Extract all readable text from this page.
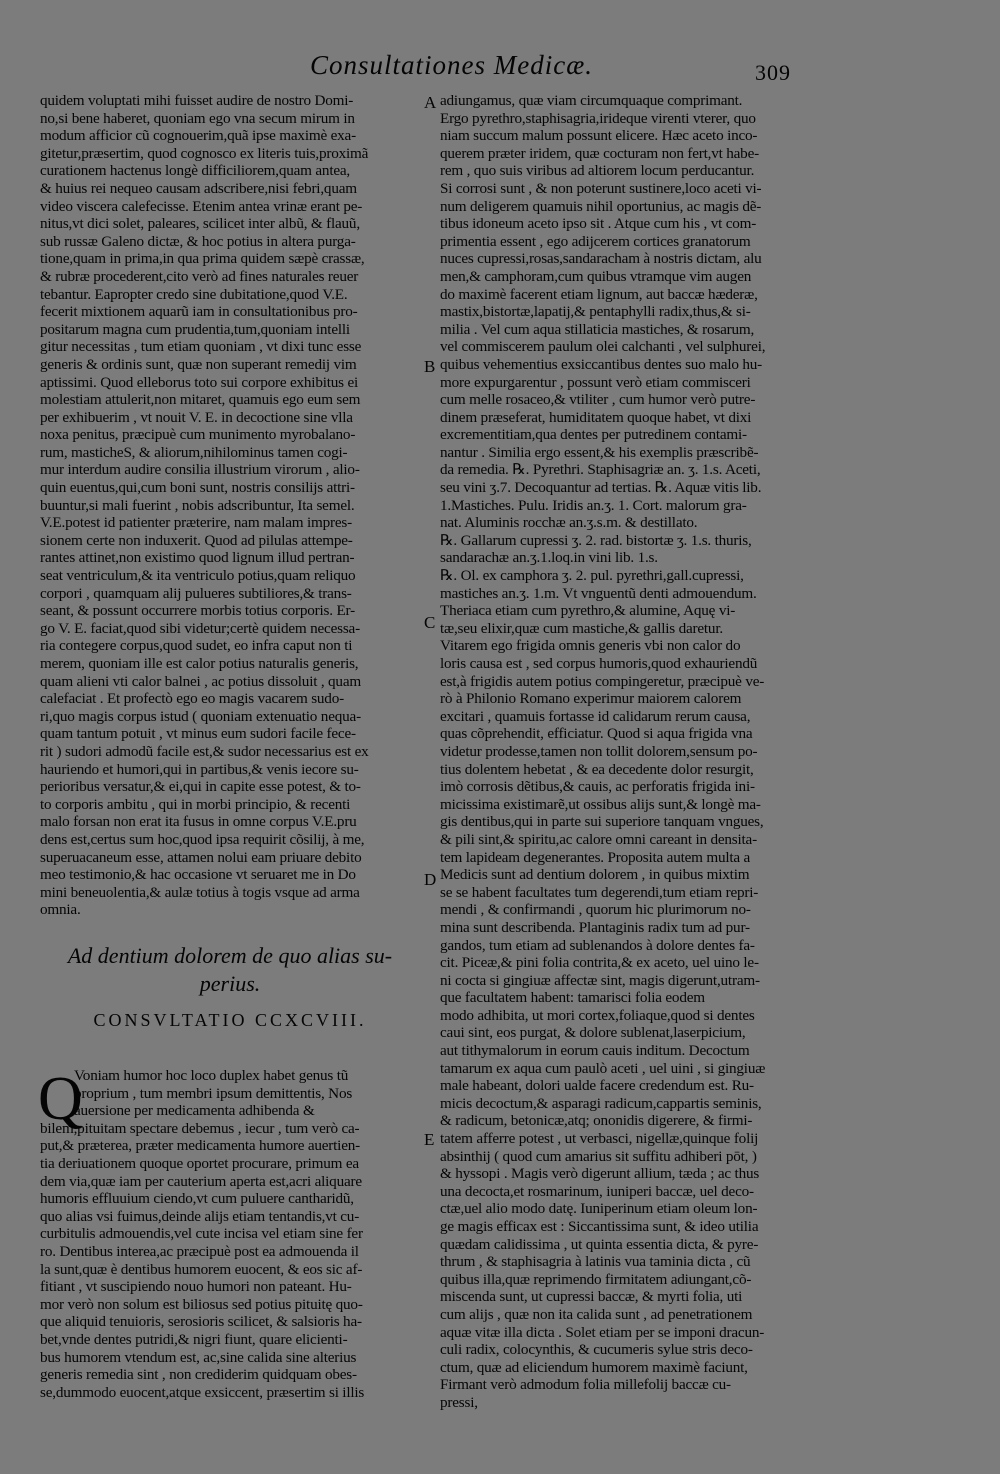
Consultationes Medicæ.	309
A
B
C
D
E
quidem voluptati mihi fuisset audire de nostro Domi-
no,si bene haberet, quoniam ego vna secum mirum in
modum afficior cũ cognouerim,quã ipse maximè exa-
gitetur,præsertim, quod cognosco ex literis tuis,proximã
curationem hactenus longè difficiliorem,quam antea,
& huius rei nequeo causam adscribere,nisi febri,quam
video viscera calefecisse. Etenim antea vrinæ erant pe-
nitus,vt dici solet, paleares, scilicet inter albũ, & flauũ,
sub russæ Galeno dictæ, & hoc potius in altera purga-
tione,quam in prima,in qua prima quidem sæpè crassæ,
& rubræ procederent,cito verò ad fines naturales reuer
tebantur. Eapropter credo sine dubitatione,quod V.E.
fecerit mixtionem aquarũ iam in consultationibus pro-
positarum magna cum prudentia,tum,quoniam intelli
gitur necessitas , tum etiam quoniam , vt dixi tunc esse
generis & ordinis sunt, quæ non superant remedij vim
aptissimi. Quod elleborus toto sui corpore exhibitus ei
molestiam attulerit,non mitaret, quamuis ego eum sem
per exhibuerim , vt nouit V. E. in decoctione sine vlla
noxa penitus, præcipuè cum munimento myrobalano-
rum, masticheS, & aliorum,nihilominus tamen cogi-
mur interdum audire consilia illustrium virorum , alio-
quin euentus,qui,cum boni sunt, nostris consilijs attri-
buuntur,si mali fuerint , nobis adscribuntur, Ita semel.
V.E.potest id patienter præterire, nam malam impres-
sionem certe non induxerit. Quod ad pilulas attempe-
rantes attinet,non existimo quod lignum illud pertran-
seat ventriculum,& ita ventriculo potius,quam reliquo
corpori , quamquam alij pulueres subtiliores,& trans-
seant, & possunt occurrere morbis totius corporis. Er-
go V. E. faciat,quod sibi videtur;certè quidem necessa-
ria contegere corpus,quod sudet, eo infra caput non ti
merem, quoniam ille est calor potius naturalis generis,
quam alieni vti calor balnei , ac potius dissoluit , quam
calefaciat . Et profectò ego eo magis vacarem sudo-
ri,quo magis corpus istud ( quoniam extenuatio nequa-
quam tantum potuit , vt minus eum sudori facile fece-
rit ) sudori admodũ facile est,& sudor necessarius est ex
hauriendo et humori,qui in partibus,& venis iecore su-
perioribus versatur,& ei,qui in capite esse potest, & to-
to corporis ambitu , qui in morbi principio, & recenti
malo forsan non erat ita fusus in omne corpus V.E.pru
dens est,certus sum hoc,quod ipsa requirit cõsilij, à me,
superuacaneum esse, attamen nolui eam priuare debito
meo testimonio,& hac occasione vt seruaret me in Do
mini beneuolentia,& aulæ totius à togis vsque ad arma
omnia.
Ad dentium dolorem de quo alias su-
perius.
CONSVLTATIO CCXCVIII.
Q
Voniam humor hoc loco duplex habet genus tũ
proprium , tum membri ipsum demittentis, Nos
auersione per medicamenta adhibenda &
bilem,pituitam spectare debemus , iecur , tum verò ca-
put,& præterea, præter medicamenta humore auertien-
tia deriuationem quoque oportet procurare, primum ea
dem via,quæ iam per cauterium aperta est,acri aliquare
humoris effluuium ciendo,vt cum puluere cantharidũ,
quo alias vsi fuimus,deinde alijs etiam tentandis,vt cu-
curbitulis admouendis,vel cute incisa vel etiam sine fer
ro. Dentibus interea,ac præcipuè post ea admouenda il
la sunt,quæ è dentibus humorem euocent, & eos sic af-
fitiant , vt suscipiendo nouo humori non pateant. Hu-
mor verò non solum est biliosus sed potius pituitę quo-
que aliquid tenuioris, serosioris scilicet, & salsioris ha-
bet,vnde dentes putridi,& nigri fiunt, quare elicienti-
bus humorem vtendum est, ac,sine calida sine alterius
generis remedia sint , non crediderim quidquam obes-
se,dummodo euocent,atque exsiccent, præsertim si illis
adiungamus, quæ viam circumquaque comprimant.
Ergo pyrethro,staphisagria,irideque virenti vterer, quo
niam succum malum possunt elicere. Hæc aceto inco-
querem præter iridem, quæ cocturam non fert,vt habe-
rem , quo suis viribus ad altiorem locum perducantur.
Si corrosi sunt , & non poterunt sustinere,loco aceti vi-
num deligerem quamuis nihil oportunius, ac magis dẽ-
tibus idoneum aceto ipso sit . Atque cum his , vt com-
primentia essent , ego adijcerem cortices granatorum
nuces cupressi,rosas,sandaracham à nostris dictam, alu
men,& camphoram,cum quibus vtramque vim augen
do maximè facerent etiam lignum, aut baccæ hæderæ,
mastix,bistortæ,lapatij,& pentaphylli radix,thus,& si-
milia . Vel cum aqua stillaticia mastiches, & rosarum,
vel commiscerem paulum olei calchanti , vel sulphurei,
quibus vehementius exsiccantibus dentes suo malo hu-
more expurgarentur , possunt verò etiam commisceri
cum melle rosaceo,& vtiliter , cum humor verò putre-
dinem præseferat, humiditatem quoque habet, vt dixi
excrementitiam,qua dentes per putredinem contami-
nantur . Similia ergo essent,& his exemplis præscribẽ-
da remedia. ℞. Pyrethri. Staphisagriæ an. ʒ. 1.s. Aceti,
seu vini ʒ.7. Decoquantur ad tertias. ℞. Aquæ vitis lib.
1.Mastiches. Pulu. Iridis an.ʒ. 1. Cort. malorum gra-
nat. Aluminis rocchæ an.ʒ.s.m. & destillato.
℞. Gallarum cupressi ʒ. 2. rad. bistortæ ʒ. 1.s. thuris,
sandarachæ an.ʒ.1.loq.in vini lib. 1.s.
℞. Ol. ex camphora ʒ. 2. pul. pyrethri,gall.cupressi,
mastiches an.ʒ. 1.m. Vt vnguentũ denti admouendum.
Theriaca etiam cum pyrethro,& alumine, Aquę vi-
tæ,seu elixir,quæ cum mastiche,& gallis daretur.
Vitarem ego frigida omnis generis vbi non calor do
loris causa est , sed corpus humoris,quod exhauriendũ
est,à frigidis autem potius compingeretur, præcipuè ve-
rò à Philonio Romano experimur maiorem calorem
excitari , quamuis fortasse id calidarum rerum causa,
quas cõprehendit, efficiatur. Quod si aqua frigida vna
videtur prodesse,tamen non tollit dolorem,sensum po-
tius dolentem hebetat , & ea decedente dolor resurgit,
imò corrosis dẽtibus,& cauis, ac perforatis frigida ini-
micissima existimarẽ,ut ossibus alijs sunt,& longè ma-
gis dentibus,qui in parte sui superiore tanquam vngues,
& pili sint,& spiritu,ac calore omni careant in densita-
tem lapideam degenerantes. Proposita autem multa a
Medicis sunt ad dentium dolorem , in quibus mixtim
se se habent facultates tum degerendi,tum etiam repri-
mendi , & confirmandi , quorum hic plurimorum no-
mina sunt describenda. Plantaginis radix tum ad pur-
gandos, tum etiam ad sublenandos à dolore dentes fa-
cit. Piceæ,& pini folia contrita,& ex aceto, uel uino le-
ni cocta si gingiuæ affectæ sint, magis digerunt,utram-
que facultatem habent: tamarisci folia eodem
modo adhibita, ut mori cortex,foliaque,quod si dentes
caui sint, eos purgat, & dolore sublenat,laserpicium,
aut tithymalorum in eorum cauis inditum. Decoctum
tamarum ex aqua cum paulò aceti , uel uini , si gingiuæ
male habeant, dolori ualde facere credendum est. Ru-
micis decoctum,& asparagi radicum,cappartis seminis,
& radicum, betonicæ,atq; ononidis digerere, & firmi-
tatem afferre potest , ut verbasci, nigellæ,quinque folij
absinthij ( quod cum amarius sit suffitu adhiberi pōt, )
& hyssopi . Magis verò digerunt allium, tæda ; ac thus
una decocta,et rosmarinum, iuniperi baccæ, uel deco-
ctæ,uel alio modo datę. Iuniperinum etiam oleum lon-
ge magis efficax est : Siccantissima sunt, & ideo utilia
quædam calidissima , ut quinta essentia dicta, & pyre-
thrum , & staphisagria à latinis vua taminia dicta , cũ
quibus illa,quæ reprimendo firmitatem adiungant,cõ-
miscenda sunt, ut cupressi baccæ, & myrti folia, uti
cum alijs , quæ non ita calida sunt , ad penetrationem
aquæ vitæ illa dicta . Solet etiam per se imponi dracun-
culi radix, colocynthis, & cucumeris sylue stris deco-
ctum, quæ ad eliciendum humorem maximè faciunt,
Firmant verò admodum folia millefolij baccæ cu-
pressi,
